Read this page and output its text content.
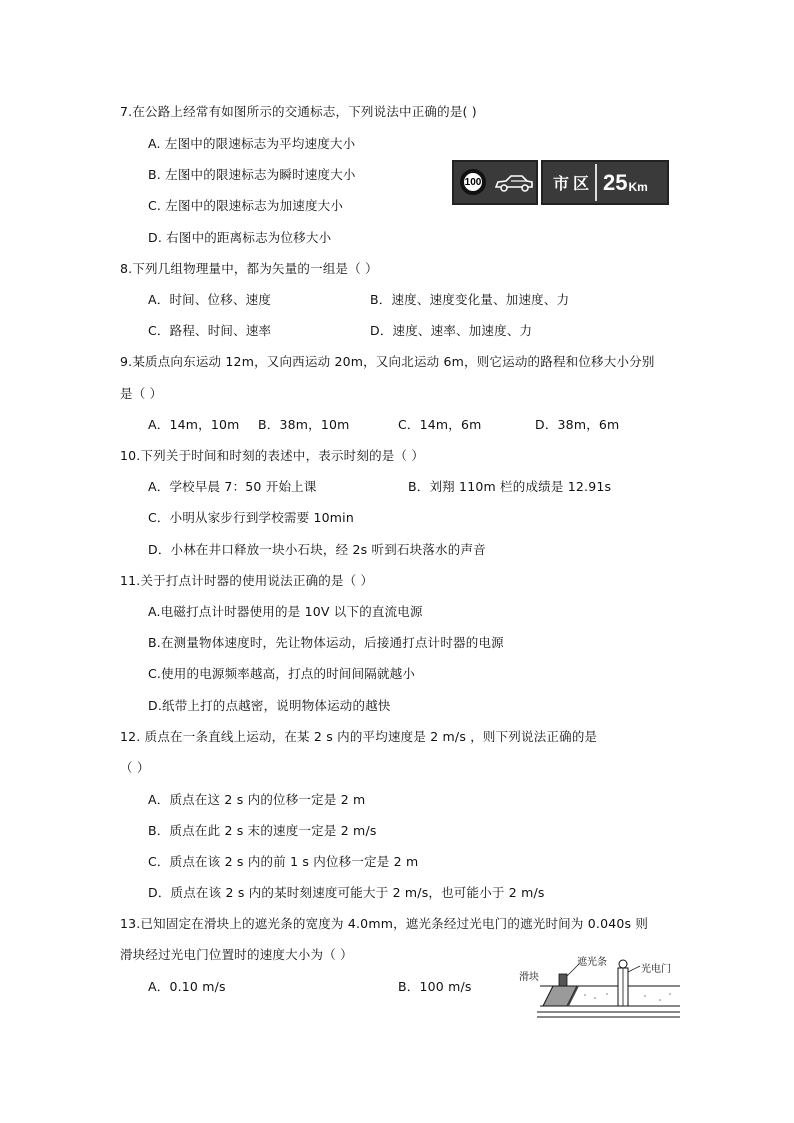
7.在公路上经常有如图所示的交通标志，下列说法中正确的是( )
A. 左图中的限速标志为平均速度大小
B. 左图中的限速标志为瞬时速度大小
C. 左图中的限速标志为加速度大小
D. 右图中的距离标志为位移大小
100	市区 25 Km
8.下列几组物理量中，都为矢量的一组是（ ）
A．时间、位移、速度	B．速度、速度变化量、加速度、力
C．路程、时间、速率	D．速度、速率、加速度、力
9.某质点向东运动 12m，又向西运动 20m，又向北运动 6m，则它运动的路程和位移大小分别
是（ ）
A．14m，10m B．38m，10m	C．14m，6m	D．38m，6m
10.下列关于时间和时刻的表述中，表示时刻的是（ ）
A．学校早晨 7：50 开始上课	B．刘翔 110m 栏的成绩是 12.91s
C．小明从家步行到学校需要 10min
D．小林在井口释放一块小石块，经 2s 听到石块落水的声音
11.关于打点计时器的使用说法正确的是（ ）
A.电磁打点计时器使用的是 10V 以下的直流电源
B.在测量物体速度时，先让物体运动，后接通打点计时器的电源
C.使用的电源频率越高，打点的时间间隔就越小
D.纸带上打的点越密，说明物体运动的越快
12. 质点在一条直线上运动，在某 2 s 内的平均速度是 2 m/s ，则下列说法正确的是
（ ）
A．质点在这 2 s 内的位移一定是 2 m
B．质点在此 2 s 末的速度一定是 2 m/s
C．质点在该 2 s 内的前 1 s 内位移一定是 2 m
D．质点在该 2 s 内的某时刻速度可能大于 2 m/s，也可能小于 2 m/s
13.已知固定在滑块上的遮光条的宽度为 4.0mm，遮光条经过光电门的遮光时间为 0.040s 则
滑块经过光电门位置时的速度大小为（ ）
A．0.10 m/s	B．100 m/s
滑块
遮光条
光电门
